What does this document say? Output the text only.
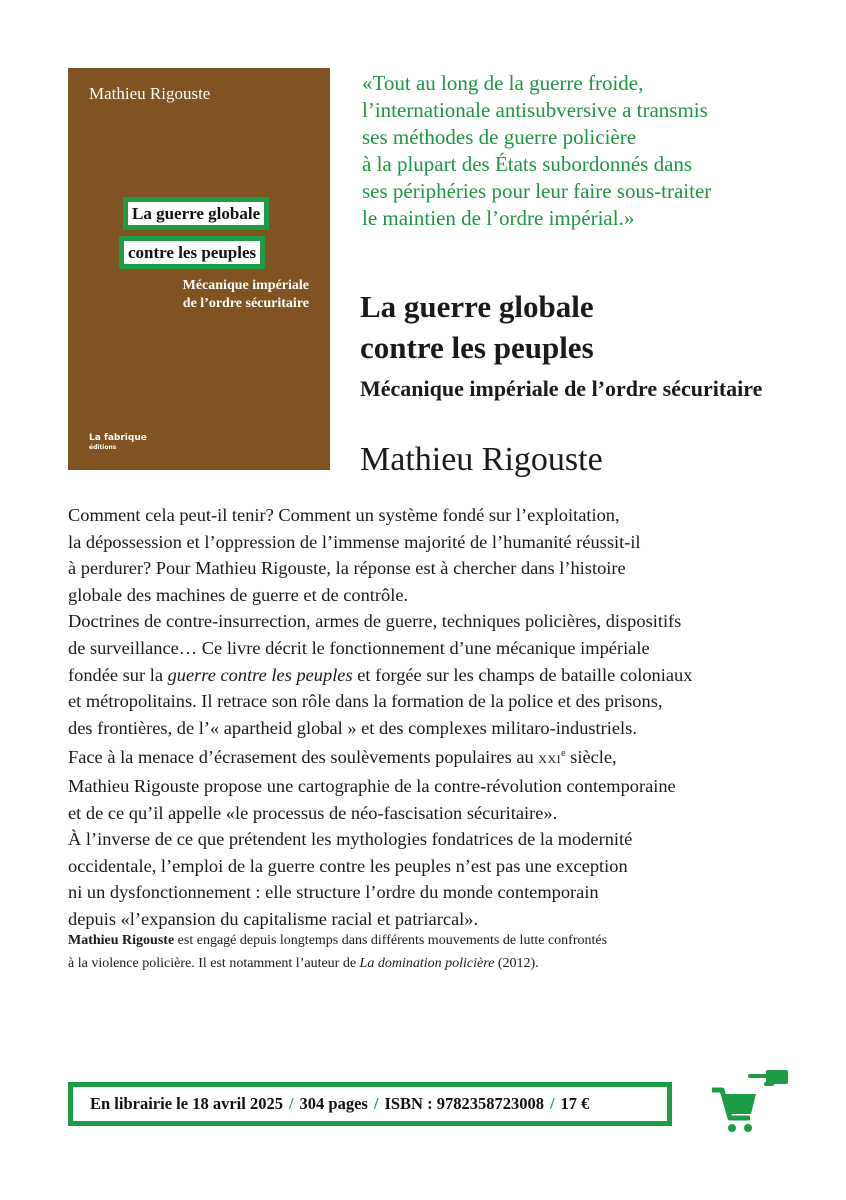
Mathieu Rigouste
La guerre globale
contre les peuples
Mécanique impériale
de l’ordre sécuritaire
La fabrique
éditions
«Tout au long de la guerre froide,
l’internationale antisubversive a transmis
ses méthodes de guerre policière
à la plupart des États subordonnés dans
ses périphéries pour leur faire sous-traiter
le maintien de l’ordre impérial.»
La guerre globale
contre les peuples
Mécanique impériale de l’ordre sécuritaire
Mathieu Rigouste
Comment cela peut-il tenir? Comment un système fondé sur l’exploitation,
la dépossession et l’oppression de l’immense majorité de l’humanité réussit-il
à perdurer? Pour Mathieu Rigouste, la réponse est à chercher dans l’histoire
globale des machines de guerre et de contrôle.
Doctrines de contre-insurrection, armes de guerre, techniques policières, dispositifs
de surveillance… Ce livre décrit le fonctionnement d’une mécanique impériale
fondée sur la guerre contre les peuples et forgée sur les champs de bataille coloniaux
et métropolitains. Il retrace son rôle dans la formation de la police et des prisons,
des frontières, de l’« apartheid global » et des complexes militaro-industriels.
Face à la menace d’écrasement des soulèvements populaires au XXIe siècle,
Mathieu Rigouste propose une cartographie de la contre-révolution contemporaine
et de ce qu’il appelle «le processus de néo-fascisation sécuritaire».
À l’inverse de ce que prétendent les mythologies fondatrices de la modernité
occidentale, l’emploi de la guerre contre les peuples n’est pas une exception
ni un dysfonctionnement : elle structure l’ordre du monde contemporain
depuis «l’expansion du capitalisme racial et patriarcal».
Mathieu Rigouste est engagé depuis longtemps dans différents mouvements de lutte confrontés
à la violence policière. Il est notamment l’auteur de La domination policière (2012).
En librairie le 18 avril 2025 / 304 pages / ISBN : 9782358723008 / 17 €
